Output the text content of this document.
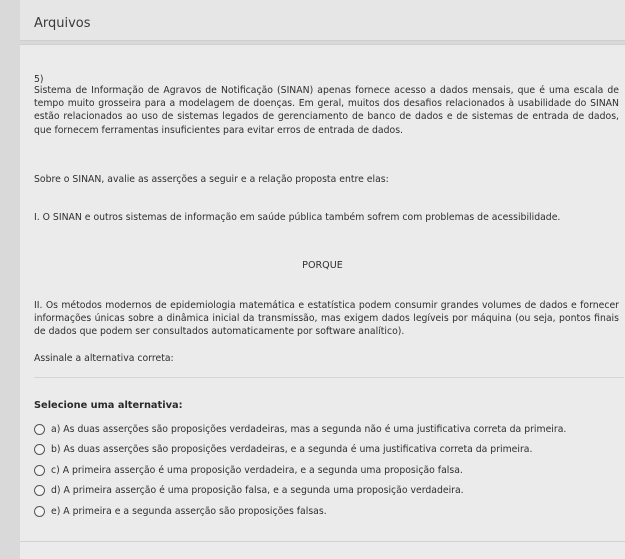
Arquivos
5)
Sistema de Informação de Agravos de Notificação (SINAN) apenas fornece acesso a dados mensais, que é uma escala de tempo muito grosseira para a modelagem de doenças. Em geral, muitos dos desafios relacionados à usabilidade do SINAN estão relacionados ao uso de sistemas legados de gerenciamento de banco de dados e de sistemas de entrada de dados, que fornecem ferramentas insuficientes para evitar erros de entrada de dados.
Sobre o SINAN, avalie as asserções a seguir e a relação proposta entre elas:
I. O SINAN e outros sistemas de informação em saúde pública também sofrem com problemas de acessibilidade.
PORQUE
II. Os métodos modernos de epidemiologia matemática e estatística podem consumir grandes volumes de dados e fornecer informações únicas sobre a dinâmica inicial da transmissão, mas exigem dados legíveis por máquina (ou seja, pontos finais de dados que podem ser consultados automaticamente por software analítico).
Assinale a alternativa correta:
Selecione uma alternativa:
a) As duas asserções são proposições verdadeiras, mas a segunda não é uma justificativa correta da primeira.
b) As duas asserções são proposições verdadeiras, e a segunda é uma justificativa correta da primeira.
c) A primeira asserção é uma proposição verdadeira, e a segunda uma proposição falsa.
d) A primeira asserção é uma proposição falsa, e a segunda uma proposição verdadeira.
e) A primeira e a segunda asserção são proposições falsas.
